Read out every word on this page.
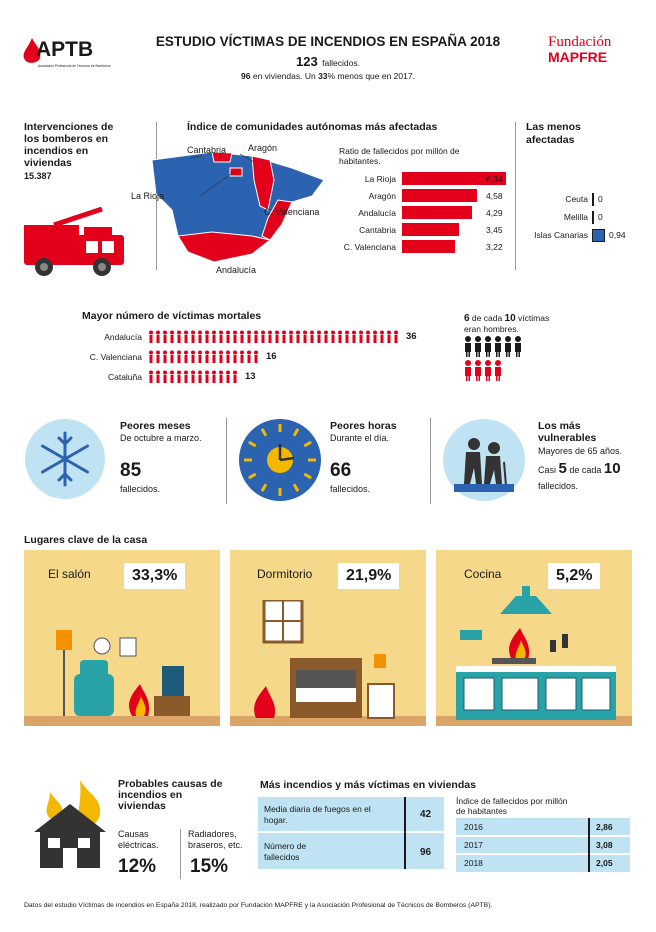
APTB
Asociación Profesional de Técnicos de Bomberos
ESTUDIO VÍCTIMAS DE INCENDIOS EN ESPAÑA 2018
123 fallecidos.
96 en viviendas. Un 33% menos que en 2017.
Fundación
MAPFRE
Intervenciones de los bomberos en incendios en viviendas
15.387
Índice de comunidades autónomas más afectadas
Cantabria Aragón
La Rioja
C. Valenciana
Andalucía
Ratio de fallecidos por millón de habitantes.
La Rioja	6,34
Aragón	4,58
Andalucía	4,29
Cantabria	3,45
C. Valenciana	3,22
Las menos afectadas
Ceuta 0
Melilla 0
Islas Canarias 0,94
Mayor número de víctimas mortales
Andalucía	36
C. Valenciana	16
Cataluña	13
6 de cada 10 víctimas
eran hombres.
Peores meses
De octubre a marzo.
85
fallecidos.
Peores horas
Durante el día.
66
fallecidos.
Los más vulnerables
Mayores de 65 años.
Casi 5 de cada 10
fallecidos.
Lugares clave de la casa
El salón	33,3%	Dormitorio	21,9%	Cocina	5,2%
Probables causas de incendios en viviendas
Causas eléctricas.
12%
Radiadores, braseros, etc.
15%
Más incendios y más víctimas en viviendas
Media diaria de fuegos en el hogar.	42
Número de fallecidos	96
Índice de fallecidos por millón de habitantes
2016	2,86
2017	3,08
2018	2,05
Datos del estudio Víctimas de incendios en España 2018, realizado por Fundación MAPFRE y la Asociación Profesional de Técnicos de Bomberos (APTB).
